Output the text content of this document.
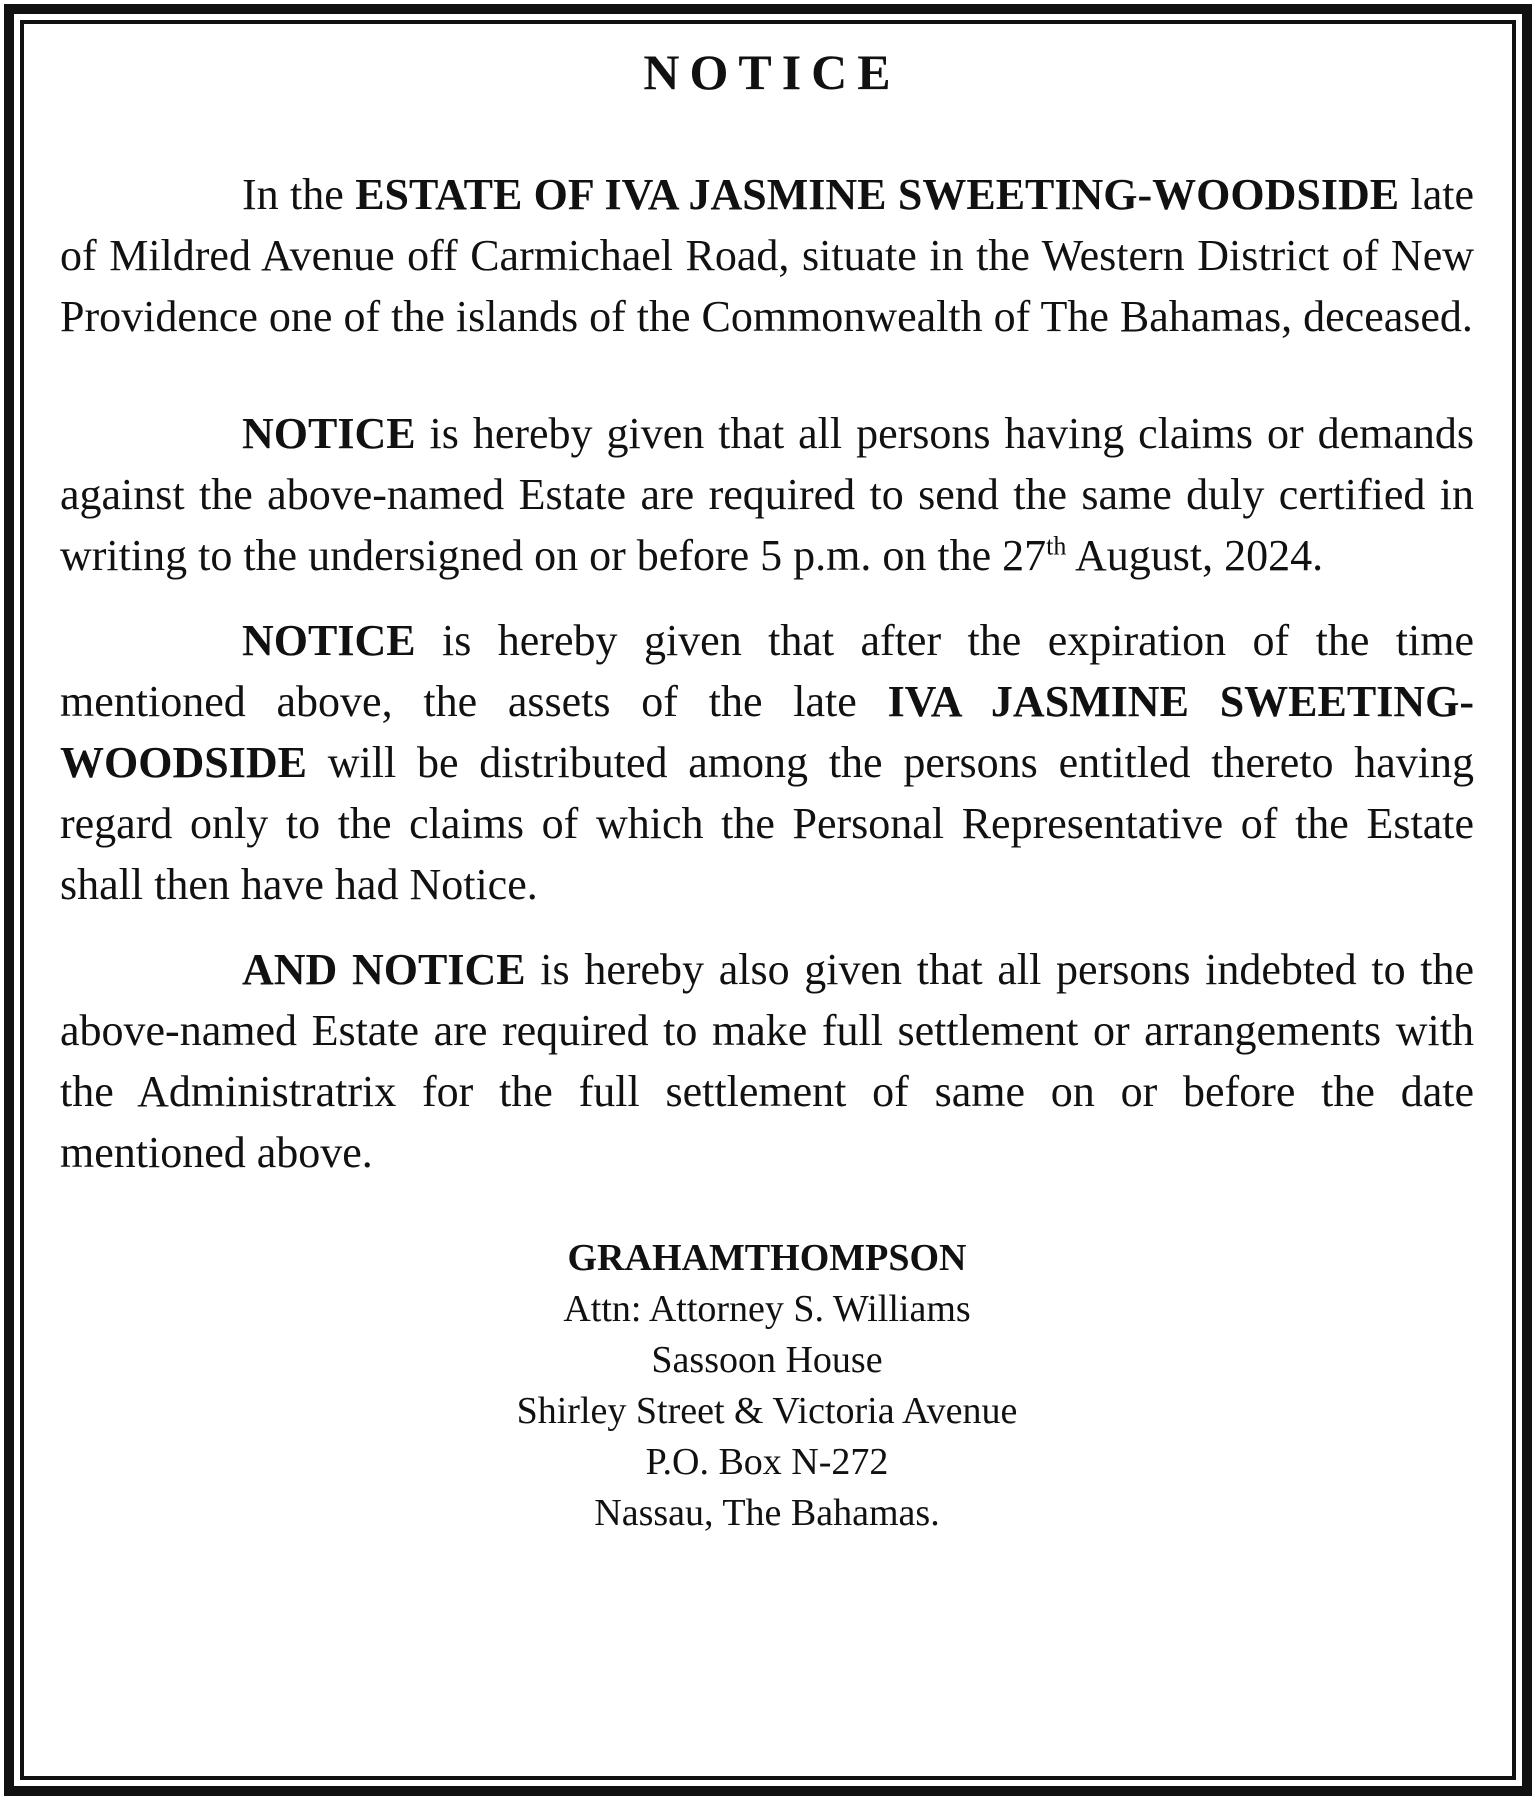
NOTICE

In the ESTATE OF IVA JASMINE SWEETING-WOODSIDE late of Mildred Avenue off Carmichael Road, situate in the Western District of New Providence one of the islands of the Commonwealth of The Bahamas, deceased.

NOTICE is hereby given that all persons having claims or demands against the above-named Estate are required to send the same duly certified in writing to the undersigned on or before 5 p.m. on the 27th August, 2024.

NOTICE is hereby given that after the expiration of the time mentioned above, the assets of the late IVA JASMINE SWEETING-WOODSIDE will be distributed among the persons entitled thereto having regard only to the claims of which the Personal Representative of the Estate shall then have had Notice.

AND NOTICE is hereby also given that all persons indebted to the above-named Estate are required to make full settlement or arrangements with the Administratrix for the full settlement of same on or before the date mentioned above.

GRAHAMTHOMPSON
Attn: Attorney S. Williams
Sassoon House
Shirley Street & Victoria Avenue
P.O. Box N-272
Nassau, The Bahamas.
